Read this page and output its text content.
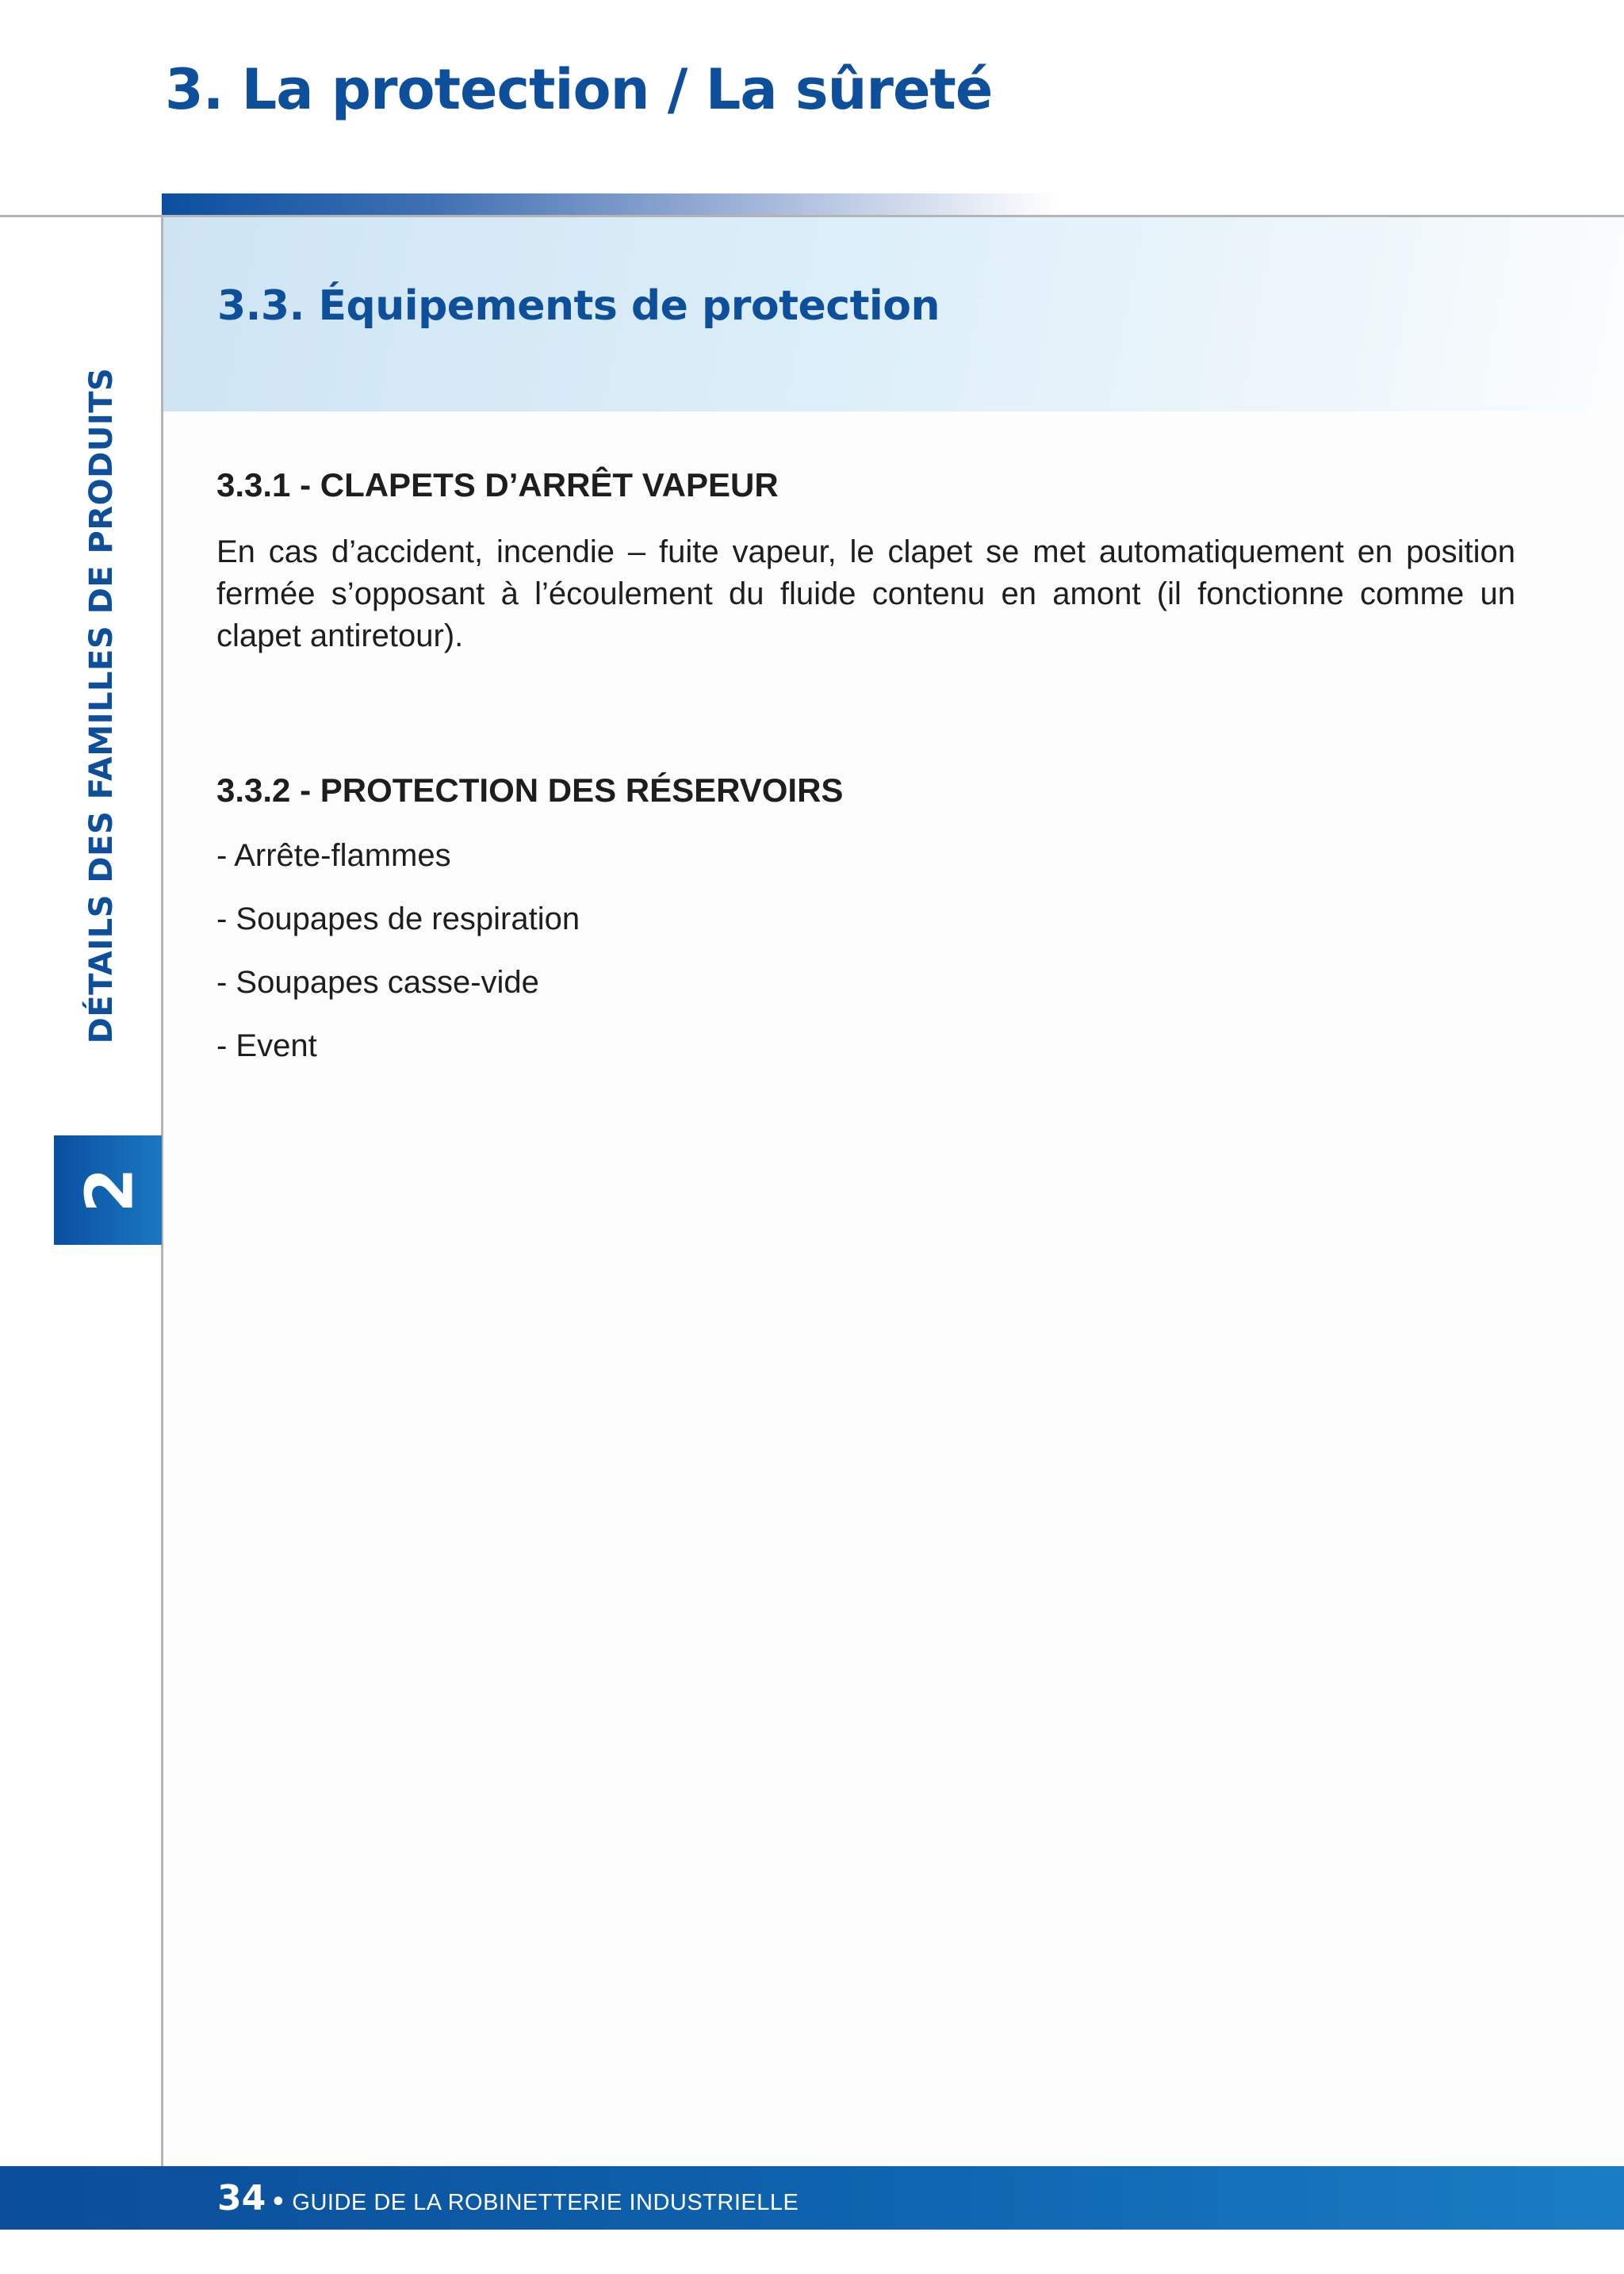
3. La protection / La sûreté
3.3. Équipements de protection
3.3.1 - CLAPETS D’ARRÊT VAPEUR

En cas d’accident, incendie – fuite vapeur, le clapet se met automatiquement en position fermée s’opposant à l’écoulement du fluide contenu en amont (il fonctionne comme un clapet antiretour).

3.3.2 - PROTECTION DES RÉSERVOIRS

- Arrête-flammes

- Soupapes de respiration

- Soupapes casse-vide

- Event

DÉTAILS DES FAMILLES DE PRODUITS
2
34 • GUIDE DE LA ROBINETTERIE INDUSTRIELLE
